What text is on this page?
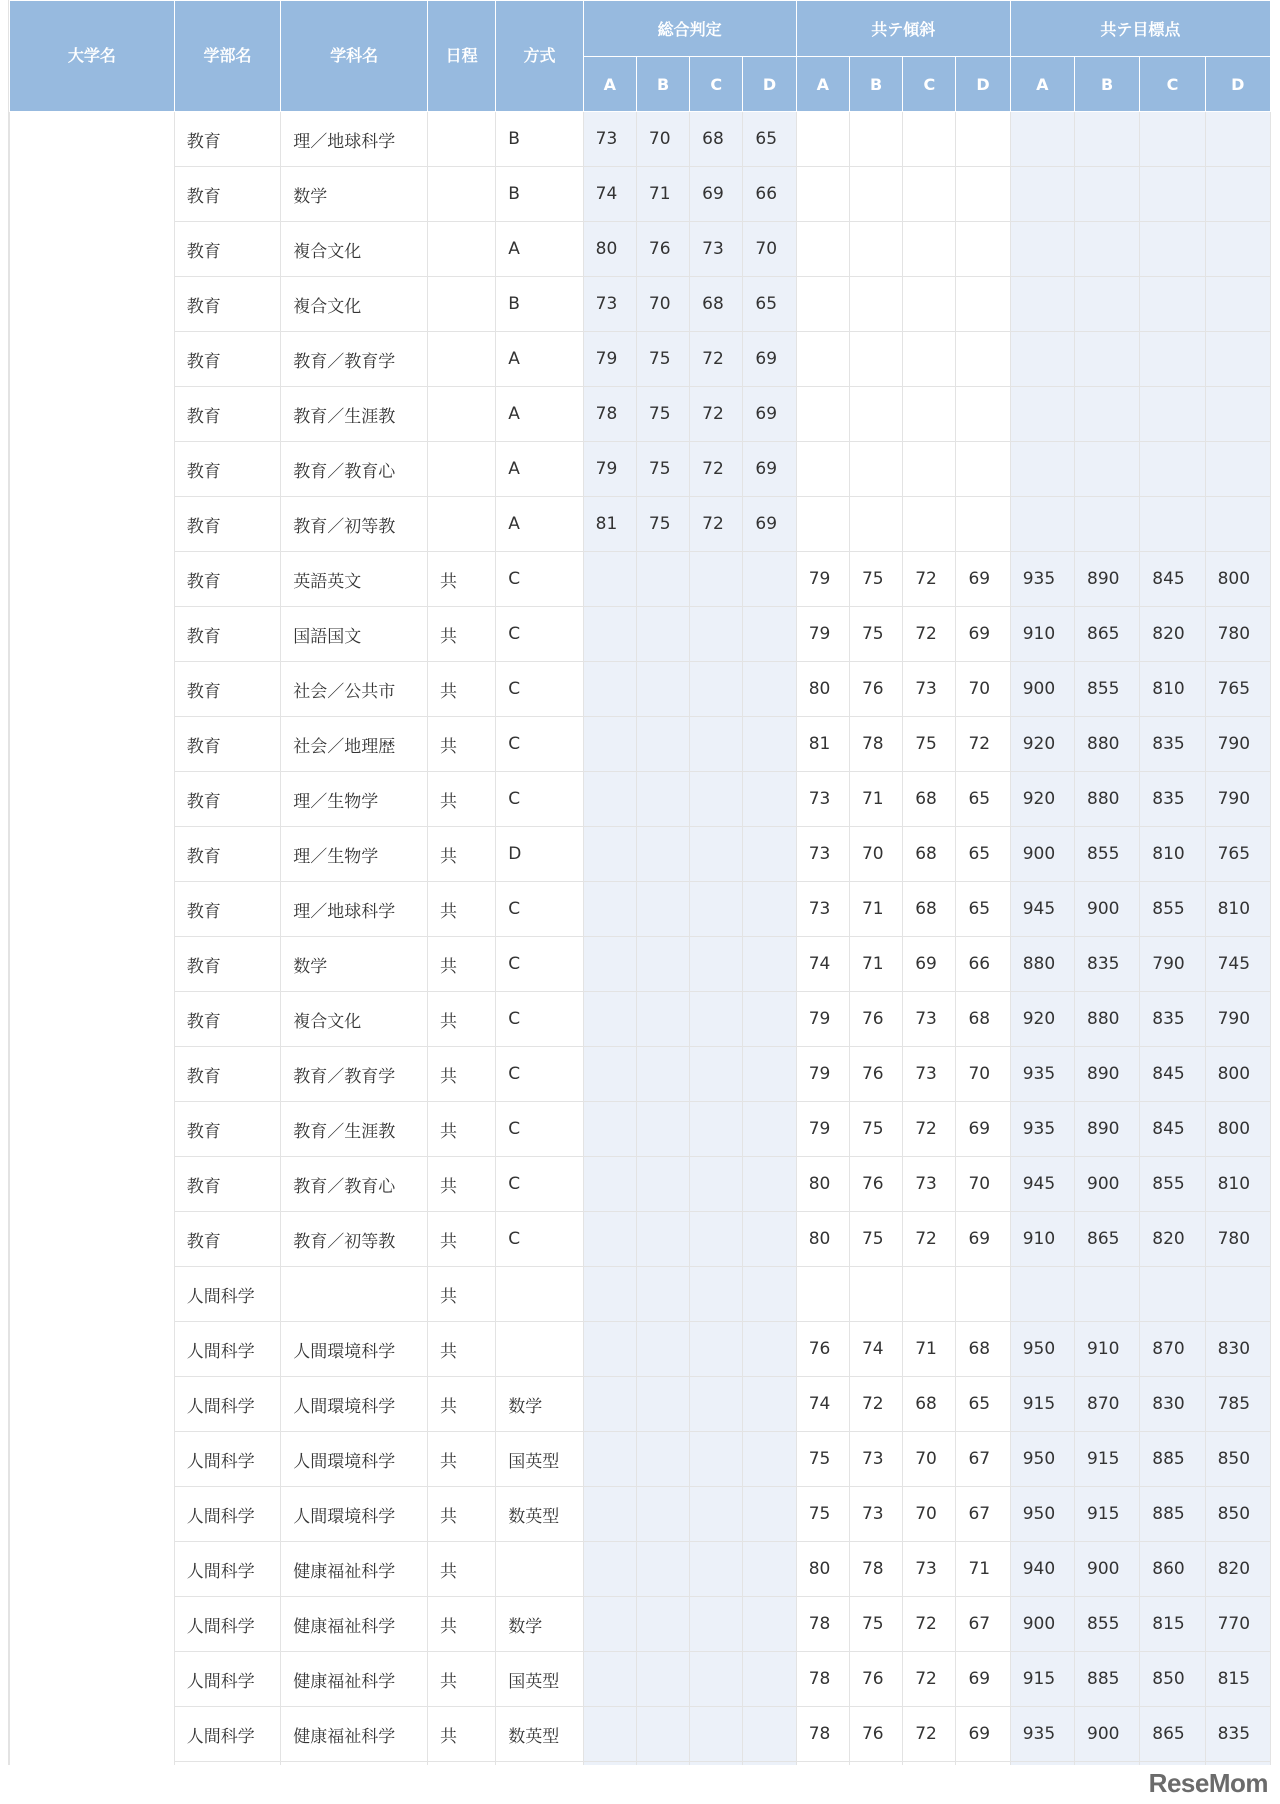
大学名	学部名	学科名	日程	方式	総合判定				共テ傾斜				共テ目標点			
					A	B	C	D	A	B	C	D	A	B	C	D
	教育	理／地球科学		B	73	70	68	65								
	教育	数学		B	74	71	69	66								
	教育	複合文化		A	80	76	73	70								
	教育	複合文化		B	73	70	68	65								
	教育	教育／教育学		A	79	75	72	69								
	教育	教育／生涯教		A	78	75	72	69								
	教育	教育／教育心		A	79	75	72	69								
	教育	教育／初等教		A	81	75	72	69								
	教育	英語英文	共	C					79	75	72	69	935	890	845	800
	教育	国語国文	共	C					79	75	72	69	910	865	820	780
	教育	社会／公共市	共	C					80	76	73	70	900	855	810	765
	教育	社会／地理歴	共	C					81	78	75	72	920	880	835	790
	教育	理／生物学	共	C					73	71	68	65	920	880	835	790
	教育	理／生物学	共	D					73	70	68	65	900	855	810	765
	教育	理／地球科学	共	C					73	71	68	65	945	900	855	810
	教育	数学	共	C					74	71	69	66	880	835	790	745
	教育	複合文化	共	C					79	76	73	68	920	880	835	790
	教育	教育／教育学	共	C					79	76	73	70	935	890	845	800
	教育	教育／生涯教	共	C					79	75	72	69	935	890	845	800
	教育	教育／教育心	共	C					80	76	73	70	945	900	855	810
	教育	教育／初等教	共	C					80	75	72	69	910	865	820	780
	人間科学		共													
	人間科学	人間環境科学	共						76	74	71	68	950	910	870	830
	人間科学	人間環境科学	共	数学					74	72	68	65	915	870	830	785
	人間科学	人間環境科学	共	国英型					75	73	70	67	950	915	885	850
	人間科学	人間環境科学	共	数英型					75	73	70	67	950	915	885	850
	人間科学	健康福祉科学	共						80	78	73	71	940	900	860	820
	人間科学	健康福祉科学	共	数学					78	75	72	67	900	855	815	770
	人間科学	健康福祉科学	共	国英型					78	76	72	69	915	885	850	815
	人間科学	健康福祉科学	共	数英型					78	76	72	69	935	900	865	835

ReseMom
